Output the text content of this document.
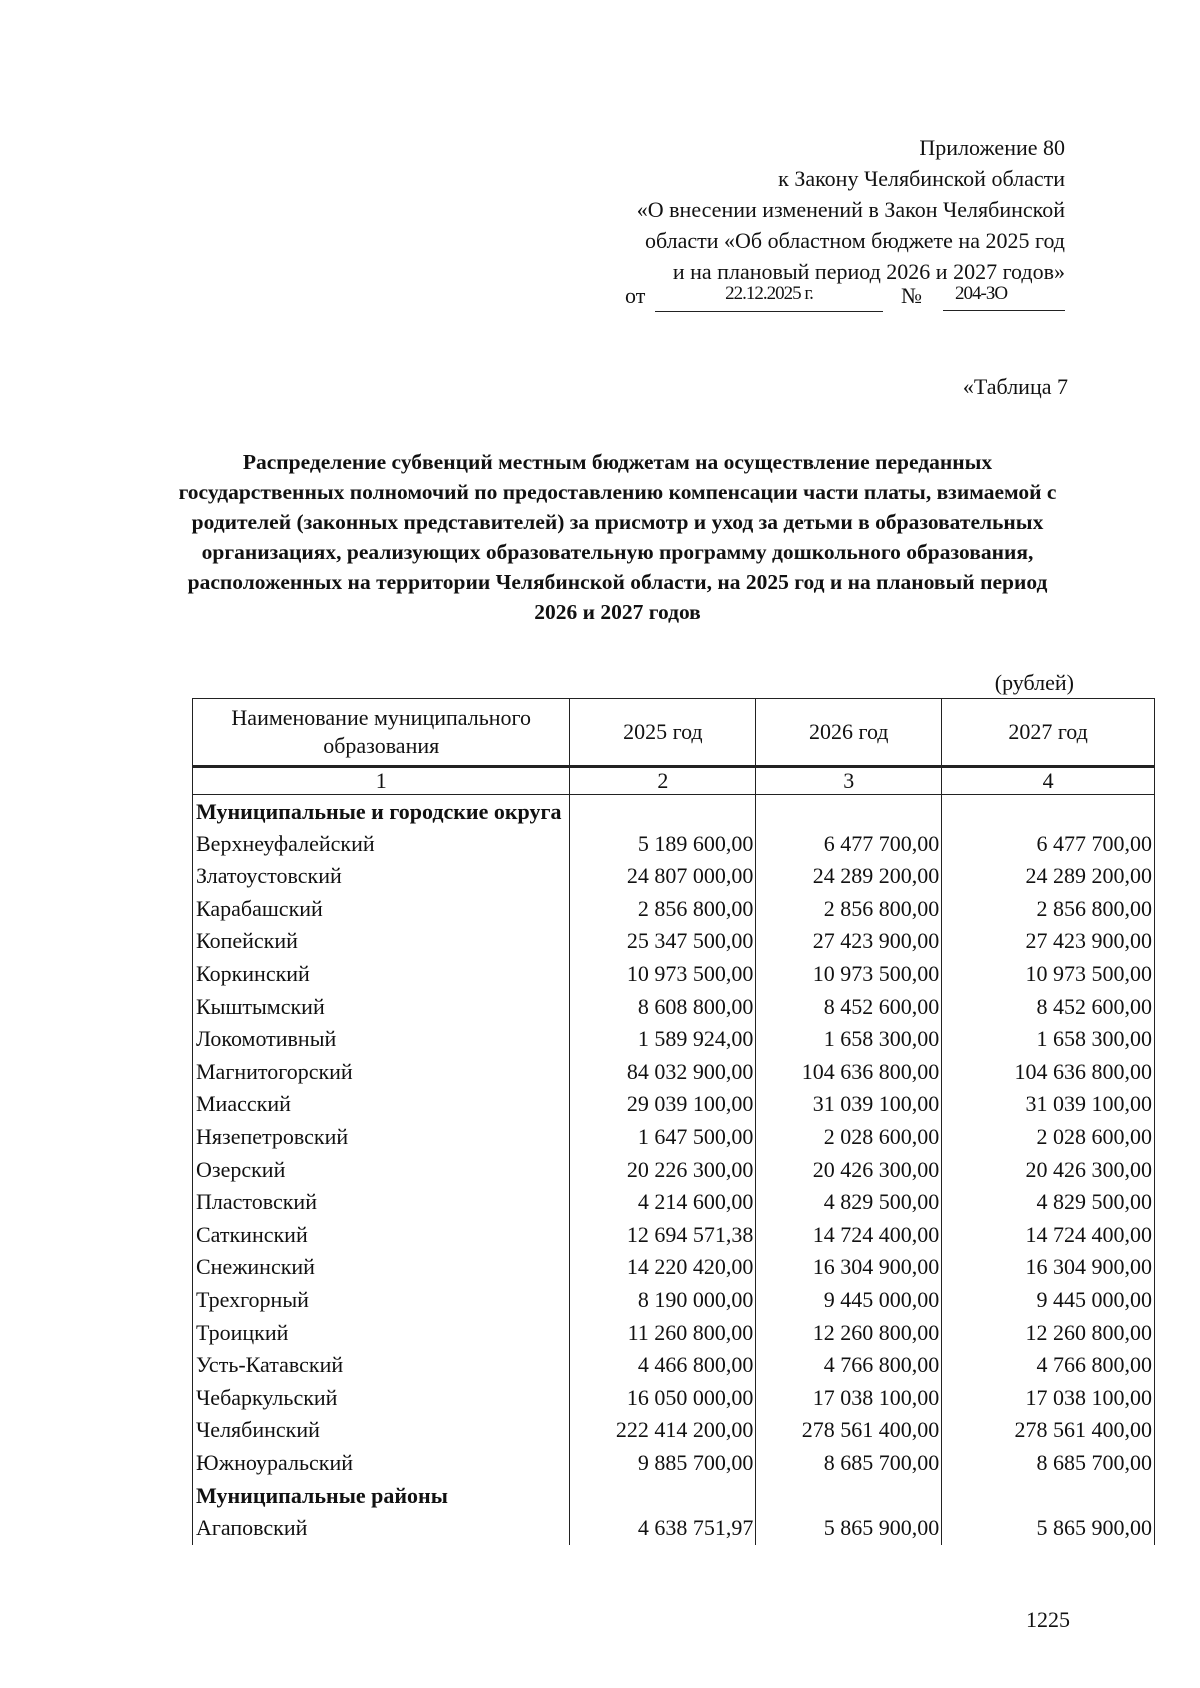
Приложение 80
к Закону Челябинской области
«О внесении изменений в Закон Челябинской
области «Об областном бюджете на 2025 год
и на плановый период 2026 и 2027 годов»
от	22.12.2025 г.	№	204-ЗО
«Таблица 7
Распределение субвенций местным бюджетам на осуществление переданных государственных полномочий по предоставлению компенсации части платы, взимаемой с родителей (законных представителей) за присмотр и уход за детьми в образовательных организациях, реализующих образовательную программу дошкольного образования, расположенных на территории Челябинской области, на 2025 год и на плановый период 2026 и 2027 годов
(рублей)
Наименование муниципального образования	2025 год	2026 год	2027 год
1	2	3	4
Муниципальные и городские округа			
Верхнеуфалейский	5 189 600,00	6 477 700,00	6 477 700,00
Златоустовский	24 807 000,00	24 289 200,00	24 289 200,00
Карабашский	2 856 800,00	2 856 800,00	2 856 800,00
Копейский	25 347 500,00	27 423 900,00	27 423 900,00
Коркинский	10 973 500,00	10 973 500,00	10 973 500,00
Кыштымский	8 608 800,00	8 452 600,00	8 452 600,00
Локомотивный	1 589 924,00	1 658 300,00	1 658 300,00
Магнитогорский	84 032 900,00	104 636 800,00	104 636 800,00
Миасский	29 039 100,00	31 039 100,00	31 039 100,00
Нязепетровский	1 647 500,00	2 028 600,00	2 028 600,00
Озерский	20 226 300,00	20 426 300,00	20 426 300,00
Пластовский	4 214 600,00	4 829 500,00	4 829 500,00
Саткинский	12 694 571,38	14 724 400,00	14 724 400,00
Снежинский	14 220 420,00	16 304 900,00	16 304 900,00
Трехгорный	8 190 000,00	9 445 000,00	9 445 000,00
Троицкий	11 260 800,00	12 260 800,00	12 260 800,00
Усть-Катавский	4 466 800,00	4 766 800,00	4 766 800,00
Чебаркульский	16 050 000,00	17 038 100,00	17 038 100,00
Челябинский	222 414 200,00	278 561 400,00	278 561 400,00
Южноуральский	9 885 700,00	8 685 700,00	8 685 700,00
Муниципальные районы			
Агаповский	4 638 751,97	5 865 900,00	5 865 900,00
1225
